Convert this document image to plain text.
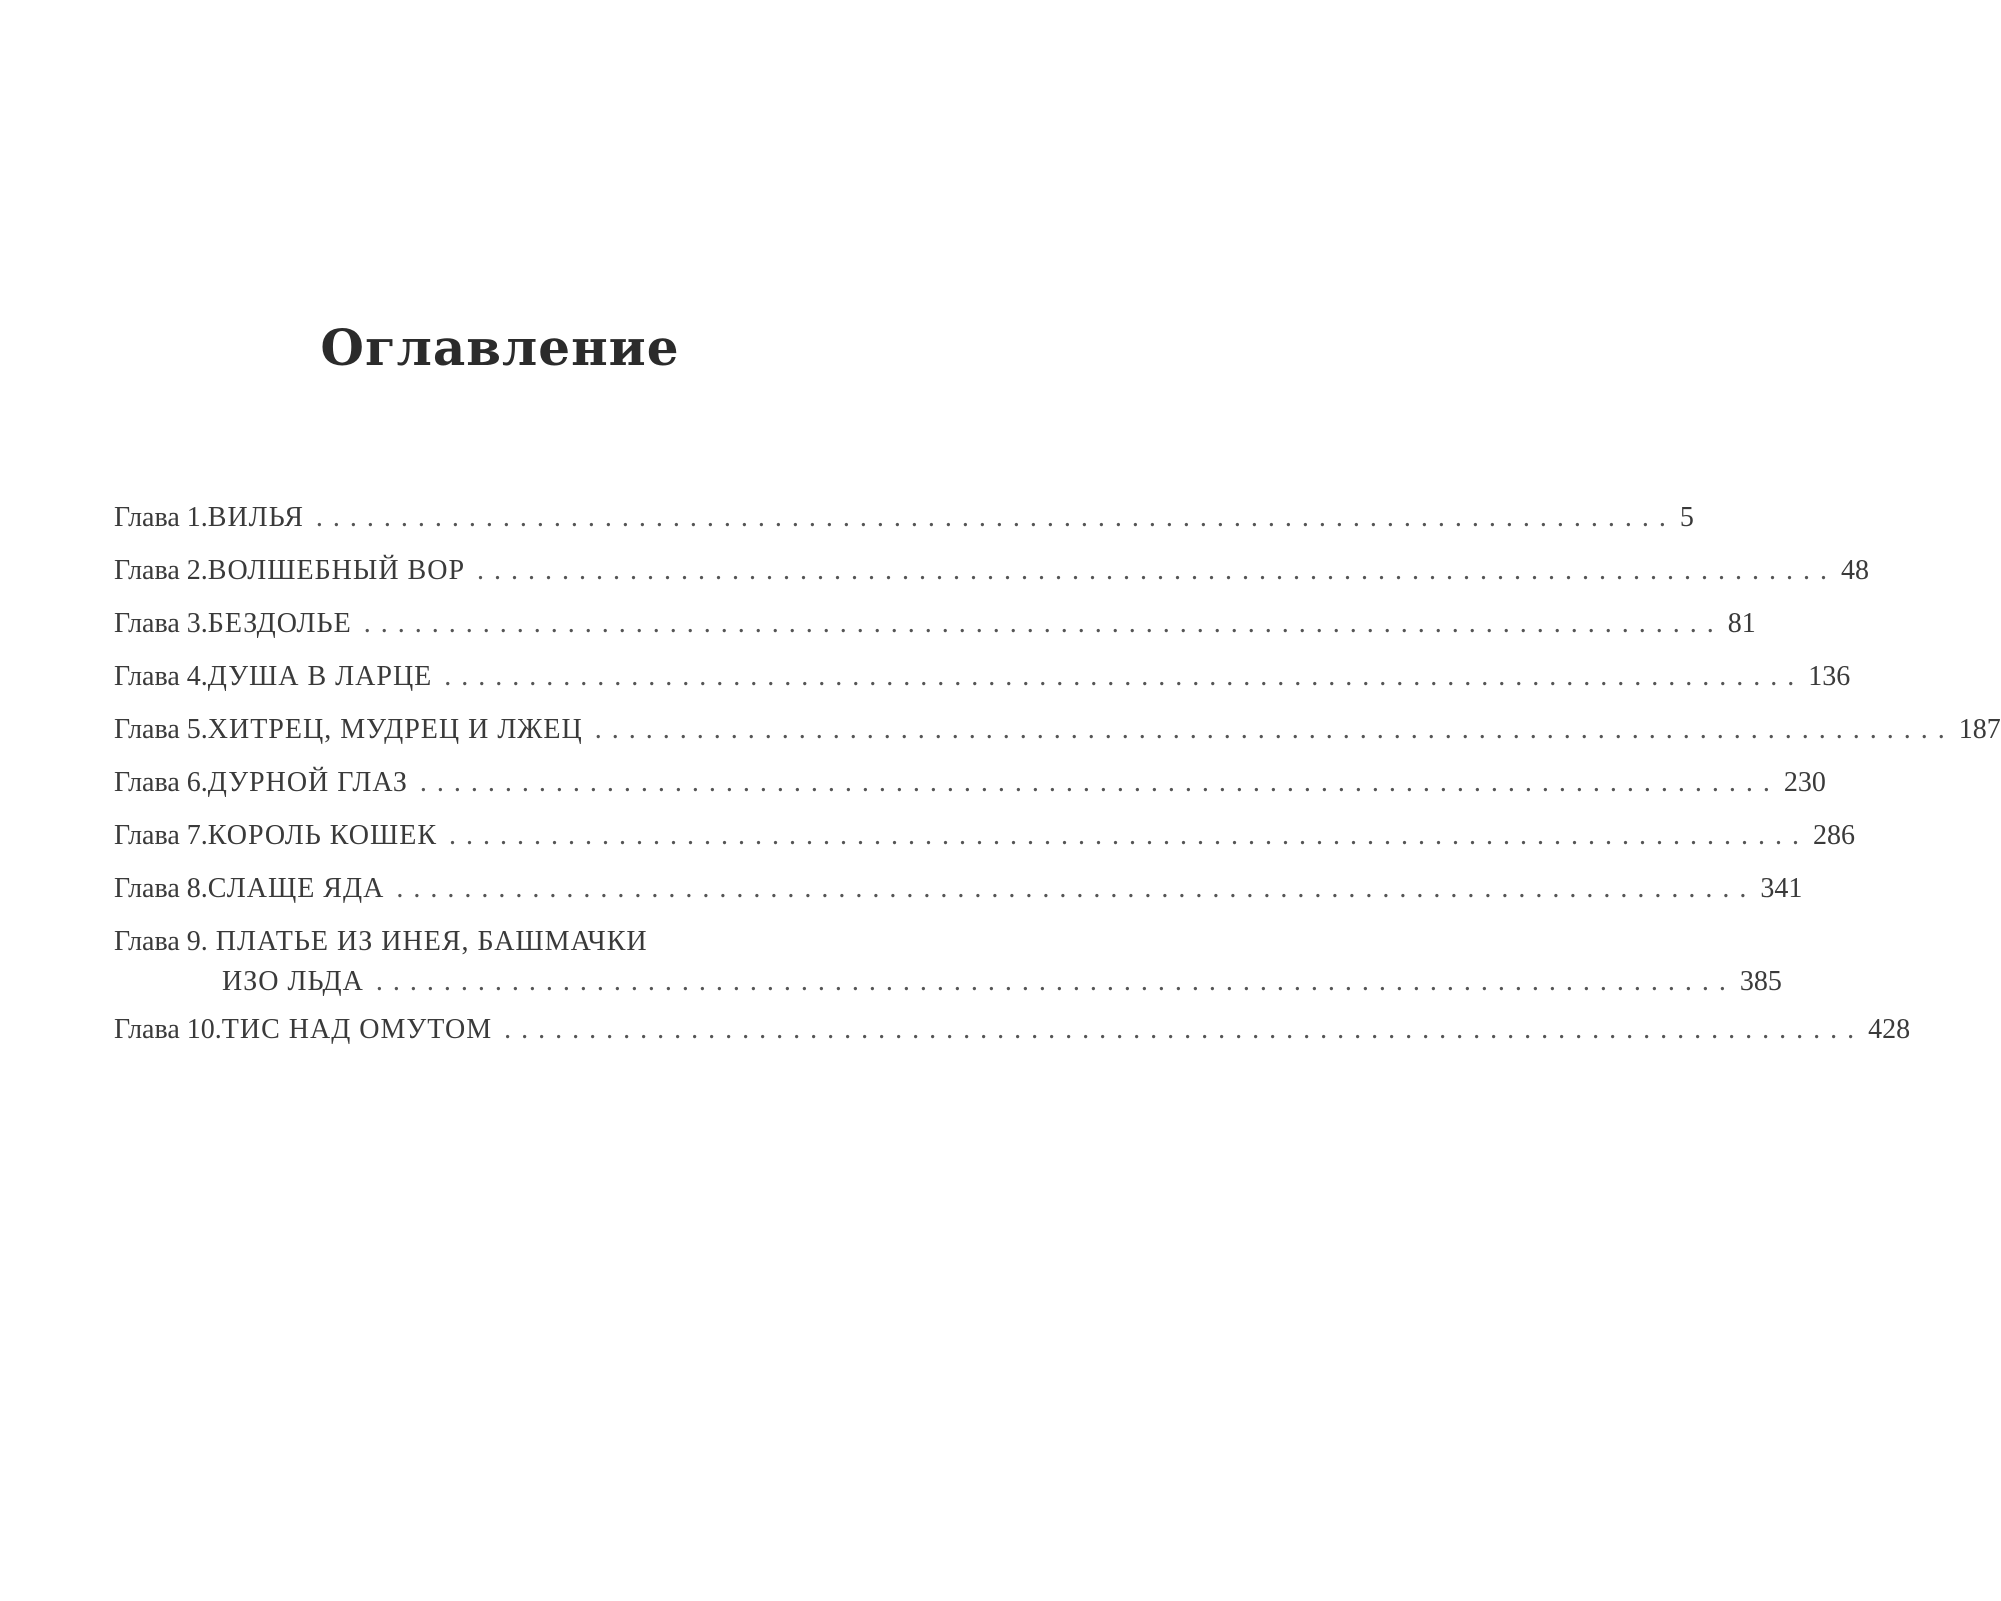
Оглавление
Глава 1. ВИЛЬЯ ................................................................................ 5
Глава 2. ВОЛШЕБНЫЙ ВОР ................................................................................ 48
Глава 3. БЕЗДОЛЬЕ ................................................................................ 81
Глава 4. ДУША В ЛАРЦЕ ................................................................................ 136
Глава 5. ХИТРЕЦ, МУДРЕЦ И ЛЖЕЦ ................................................................................ 187
Глава 6. ДУРНОЙ ГЛАЗ ................................................................................ 230
Глава 7. КОРОЛЬ КОШЕК ................................................................................ 286
Глава 8. СЛАЩЕ ЯДА ................................................................................ 341
Глава 9. ПЛАТЬЕ ИЗ ИНЕЯ, БАШМАЧКИ
ИЗО ЛЬДА ................................................................................ 385
Глава 10. ТИС НАД ОМУТОМ ................................................................................ 428
